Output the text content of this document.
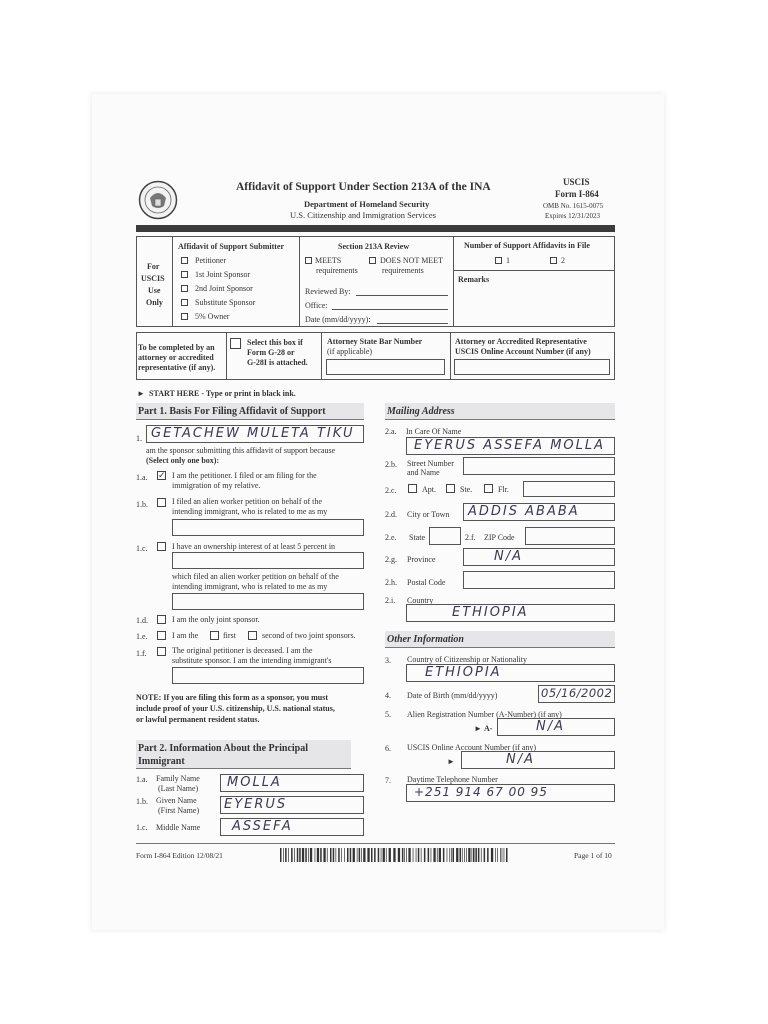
Affidavit of Support Under Section 213A of the INA
Department of Homeland Security
U.S. Citizenship and Immigration Services
USCIS
Form I-864
OMB No. 1615-0075
Expires 12/31/2023
For
USCIS
Use
Only
Affidavit of Support Submitter
Petitioner
1st Joint Sponsor
2nd Joint Sponsor
Substitute Sponsor
5% Owner
Section 213A Review
MEETS
requirements
DOES NOT MEET
requirements
Reviewed By:
Office:
Date (mm/dd/yyyy):
Number of Support Affidavits in File
1	2
Remarks
To be completed by an
attorney or accredited
representative (if any).
Select this box if
Form G-28 or
G-28I is attached.
Attorney State Bar Number
(if applicable)
Attorney or Accredited Representative
USCIS Online Account Number (if any)
► START HERE - Type or print in black ink.
Part 1. Basis For Filing Affidavit of Support
1. GETACHEW MULETA TIKU
am the sponsor submitting this affidavit of support because
(Select only one box):
1.a. ✓ I am the petitioner. I filed or am filing for the
immigration of my relative.
1.b.	I filed an alien worker petition on behalf of the
intending immigrant, who is related to me as my
1.c.	I have an ownership interest of at least 5 percent in
which filed an alien worker petition on behalf of the
intending immigrant, who is related to me as my
1.d.	I am the only joint sponsor.
1.e.	I am the	first	second of two joint sponsors.
1.f.	The original petitioner is deceased. I am the
substitute sponsor. I am the intending immigrant's
NOTE: If you are filing this form as a sponsor, you must
include proof of your U.S. citizenship, U.S. national status,
or lawful permanent resident status.
Part 2. Information About the Principal
Immigrant
1.a. Family Name
(Last Name) MOLLA
1.b. Given Name
(First Name) EYERUS
1.c. Middle Name ASSEFA
Mailing Address
2.a. In Care Of Name
EYERUS ASSEFA MOLLA
2.b. Street Number
and Name
2.c.	Apt.	Ste.	Flr.
2.d. City or Town ADDIS ABABA
2.e. State	2.f. ZIP Code
2.g. Province	N/A
2.h. Postal Code
2.i. Country
ETHIOPIA
Other Information
3. Country of Citizenship or Nationality
ETHIOPIA
4. Date of Birth (mm/dd/yyyy)	05/16/2002
5. Alien Registration Number (A-Number) (if any)
► A-	N/A
6. USCIS Online Account Number (if any)
►	N/A
7. Daytime Telephone Number
+251 914 67 00 95
Form I-864 Edition 12/08/21	Page 1 of 10
